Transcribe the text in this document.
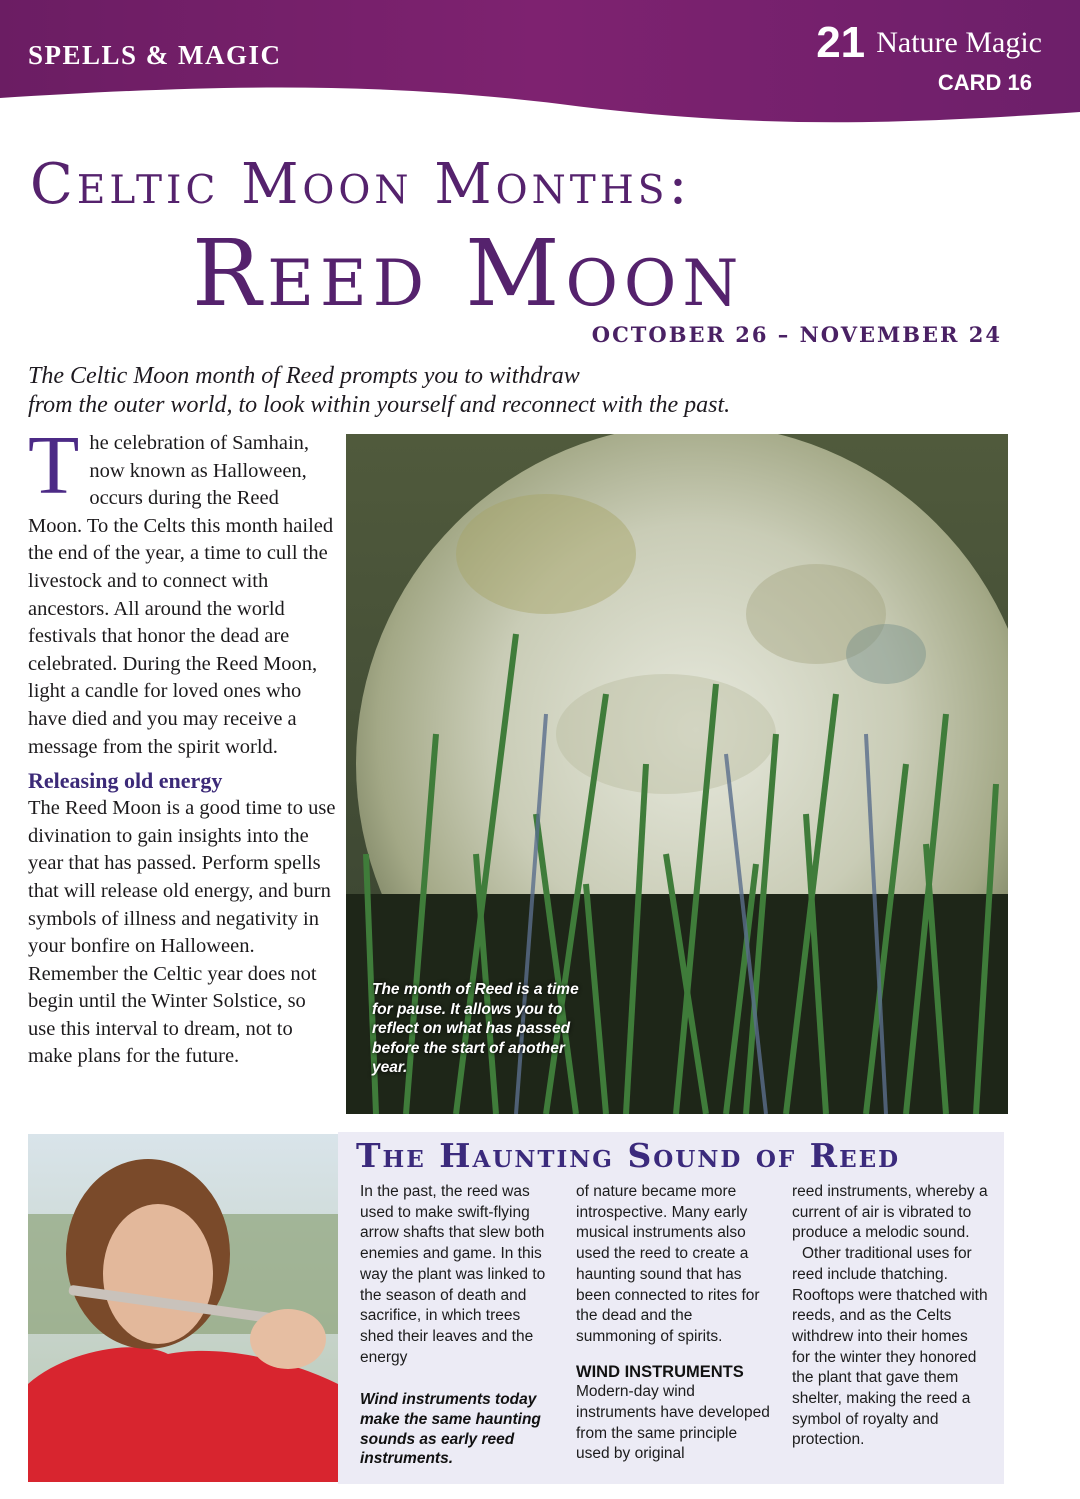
SPELLS & MAGIC	21 Nature Magic
CARD 16
Celtic Moon Months:
Reed Moon
OCTOBER 26 – NOVEMBER 24
The Celtic Moon month of Reed prompts you to withdraw
from the outer world, to look within yourself and reconnect with the past.

The celebration of Samhain, now known as Halloween, occurs during the Reed Moon. To the Celts this month hailed the end of the year, a time to cull the livestock and to connect with ancestors. All around the world festivals that honor the dead are celebrated. During the Reed Moon, light a candle for loved ones who have died and you may receive a message from the spirit world.

Releasing old energy

The Reed Moon is a good time to use divination to gain insights into the year that has passed. Perform spells that will release old energy, and burn symbols of illness and negativity in your bonfire on Halloween. Remember the Celtic year does not begin until the Winter Solstice, so use this interval to dream, not to make plans for the future.

The month of Reed is a time for pause. It allows you to reflect on what has passed before the start of another year.
The Haunting Sound of Reed

In the past, the reed was used to make swift-flying arrow shafts that slew both enemies and game. In this way the plant was linked to the season of death and sacrifice, in which trees shed their leaves and the energy

Wind instruments today make the same haunting sounds as early reed instruments.

of nature became more introspective. Many early musical instruments also used the reed to create a haunting sound that has been connected to rites for the dead and the summoning of spirits.

WIND INSTRUMENTS

Modern-day wind instruments have developed from the same principle used by original

reed instruments, whereby a current of air is vibrated to produce a melodic sound.

Other traditional uses for reed include thatching. Rooftops were thatched with reeds, and as the Celts withdrew into their homes for the winter they honored the plant that gave them shelter, making the reed a symbol of royalty and protection.
